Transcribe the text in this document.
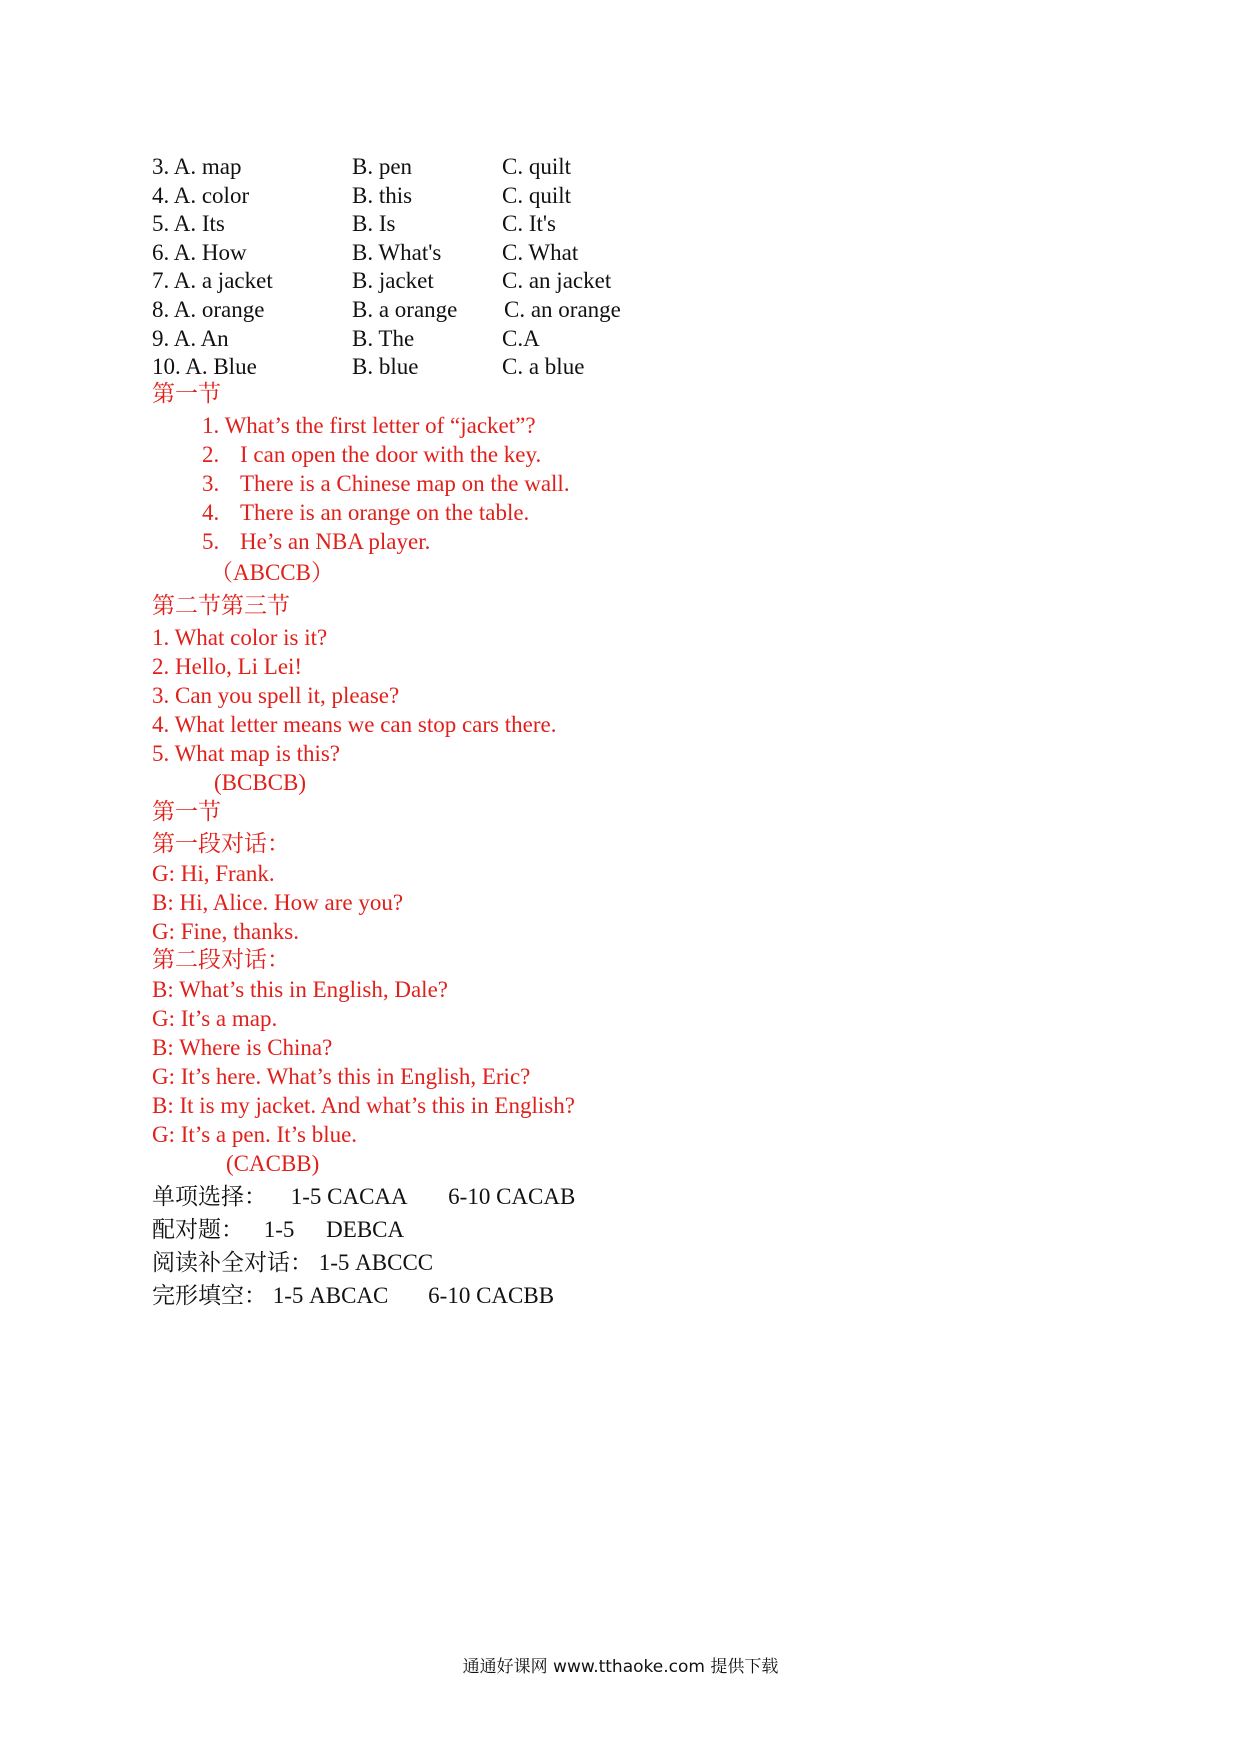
3. A. map	B. pen	C. quilt
4. A. color	B. this	C. quilt
5. A. Its	B. Is	C. It's
6. A. How	B. What's	C. What
7. A. a jacket	B. jacket	C. an jacket
8. A. orange	B. a orange C. an orange
9. A. An	B. The	C.A
10. A. Blue	B. blue	C. a blue
第一节
1. What’s the first letter of “jacket”?
2. I can open the door with the key.
3. There is a Chinese map on the wall.
4. There is an orange on the table.
5. He’s an NBA player.
（ABCCB）
第二节第三节
1. What color is it?
2. Hello, Li Lei!
3. Can you spell it, please?
4. What letter means we can stop cars there.
5. What map is this?
(BCBCB)
第一节
第一段对话：
G: Hi, Frank.
B: Hi, Alice. How are you?
G: Fine, thanks.
第二段对话：
B: What’s this in English, Dale?
G: It’s a map.
B: Where is China?
G: It’s here. What’s this in English, Eric?
B: It is my jacket. And what’s this in English?
G: It’s a pen. It’s blue.
(CACBB)
单项选择： 1-5 CACAA 6-10 CACAB
配对题： 1-5 DEBCA
阅读补全对话： 1-5 ABCCC
完形填空： 1-5 ABCAC 6-10 CACBB
通通好课网 www.tthaoke.com 提供下载
